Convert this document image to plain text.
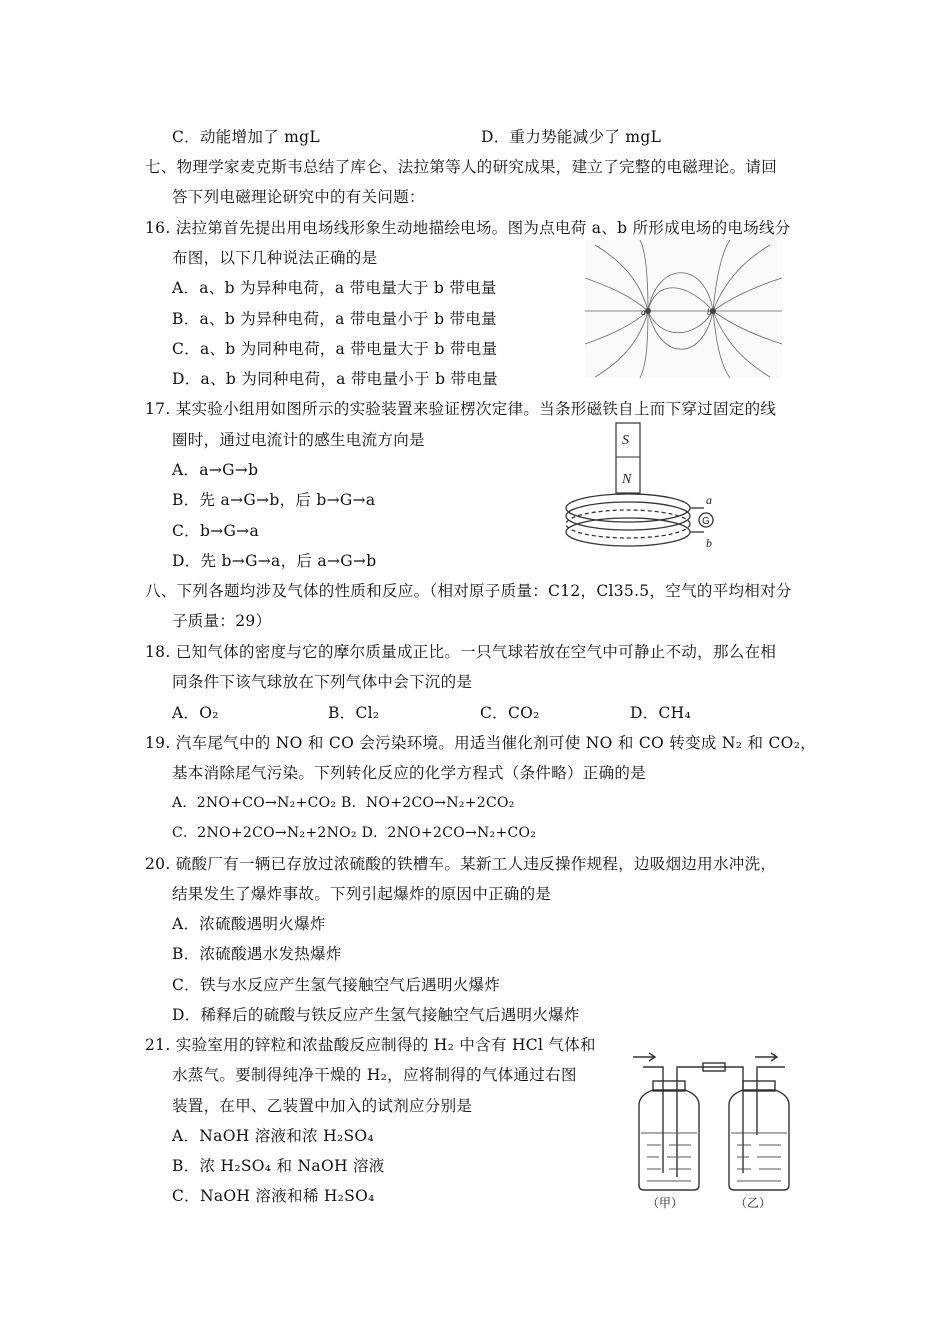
C．动能增加了 mgL	D．重力势能减少了 mgL
七、物理学家麦克斯韦总结了库仑、法拉第等人的研究成果，建立了完整的电磁理论。请回
答下列电磁理论研究中的有关问题：
16. 法拉第首先提出用电场线形象生动地描绘电场。图为点电荷 a、b 所形成电场的电场线分
布图，以下几种说法正确的是
A．a、b 为异种电荷，a 带电量大于 b 带电量
B．a、b 为异种电荷，a 带电量小于 b 带电量
C．a、b 为同种电荷，a 带电量大于 b 带电量
D．a、b 为同种电荷，a 带电量小于 b 带电量
17. 某实验小组用如图所示的实验装置来验证楞次定律。当条形磁铁自上而下穿过固定的线
圈时，通过电流计的感生电流方向是
A．a→G→b
B．先 a→G→b，后 b→G→a
C．b→G→a
D．先 b→G→a，后 a→G→b
八、下列各题均涉及气体的性质和反应。（相对原子质量：C12，Cl35.5，空气的平均相对分
子质量：29）
18. 已知气体的密度与它的摩尔质量成正比。一只气球若放在空气中可静止不动，那么在相
同条件下该气球放在下列气体中会下沉的是
A．O₂	B．Cl₂	C．CO₂	D．CH₄
19. 汽车尾气中的 NO 和 CO 会污染环境。用适当催化剂可使 NO 和 CO 转变成 N₂ 和 CO₂，
基本消除尾气污染。下列转化反应的化学方程式（条件略）正确的是
A．2NO+CO→N₂+CO₂ B．NO+2CO→N₂+2CO₂
C．2NO+2CO→N₂+2NO₂ D．2NO+2CO→N₂+CO₂
20. 硫酸厂有一辆已存放过浓硫酸的铁槽车。某新工人违反操作规程，边吸烟边用水冲洗，
结果发生了爆炸事故。下列引起爆炸的原因中正确的是
A．浓硫酸遇明火爆炸
B．浓硫酸遇水发热爆炸
C．铁与水反应产生氢气接触空气后遇明火爆炸
D．稀释后的硫酸与铁反应产生氢气接触空气后遇明火爆炸
21. 实验室用的锌粒和浓盐酸反应制得的 H₂ 中含有 HCl 气体和
水蒸气。要制得纯净干燥的 H₂，应将制得的气体通过右图
装置，在甲、乙装置中加入的试剂应分别是
A．NaOH 溶液和浓 H₂SO₄
B．浓 H₂SO₄ 和 NaOH 溶液
C．NaOH 溶液和稀 H₂SO₄
a	b
S
N
G
a
b
（甲）	（乙）
